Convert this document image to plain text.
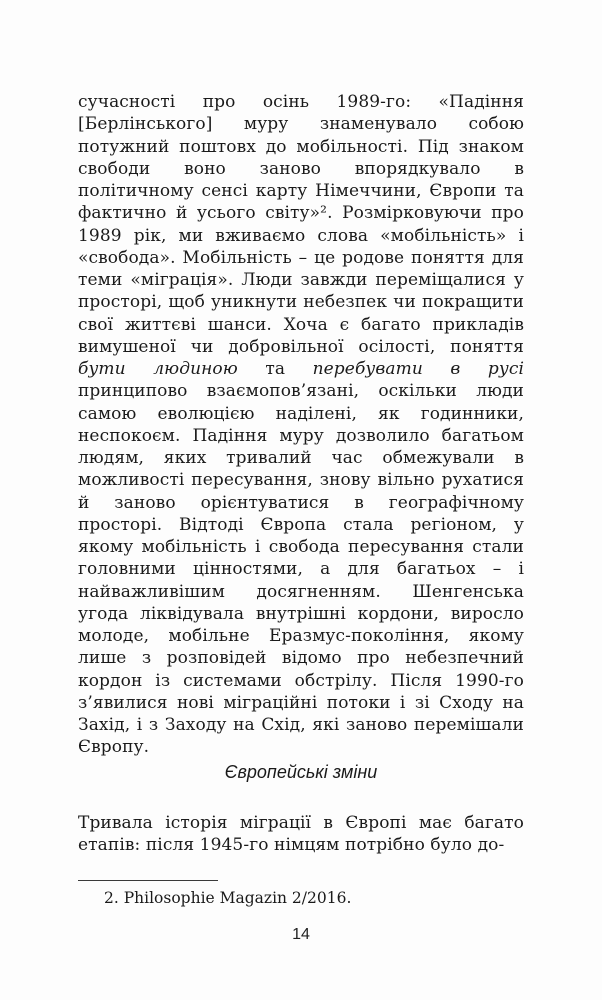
сучасності про осінь 1989-го: «Падіння [Берлінського] муру знаменувало собою потужний поштовх до мобільності. Під знаком свободи воно заново впорядкувало в політичному сенсі карту Німеччини, Європи та фактично й усього світу»². Розмірковуючи про 1989 рік, ми вживаємо слова «мобільність» і «свобода». Мобільність – це родове поняття для теми «міграція». Люди завжди переміщалися у просторі, щоб уникнути небезпек чи покращити свої життєві шанси. Хоча є багато прикладів вимушеної чи добровільної осілості, поняття бути людиною та перебувати в русі принципово взаємопов’язані, оскільки люди самою еволюцією наділені, як годинники, неспокоєм. Падіння муру дозволило багатьом людям, яких тривалий час обмежували в можливості пересування, знову вільно рухатися й заново орієнтуватися в географічному просторі. Відтоді Європа стала регіоном, у якому мобільність і свобода пересування стали головними цінностями, а для багатьох – і найважливішим досягненням. Шенгенська угода ліквідувала внутрішні кордони, виросло молоде, мобільне Еразмус-покоління, якому лише з розповідей відомо про небезпечний кордон із системами обстрілу. Після 1990-го з’явилися нові міграційні потоки і зі Сходу на Захід, і з Заходу на Схід, які заново перемішали Європу.
Європейські зміни
Тривала історія міграції в Європі має багато етапів: після 1945-го німцям потрібно було до-
2. Philosophie Magazin 2/2016.
14
